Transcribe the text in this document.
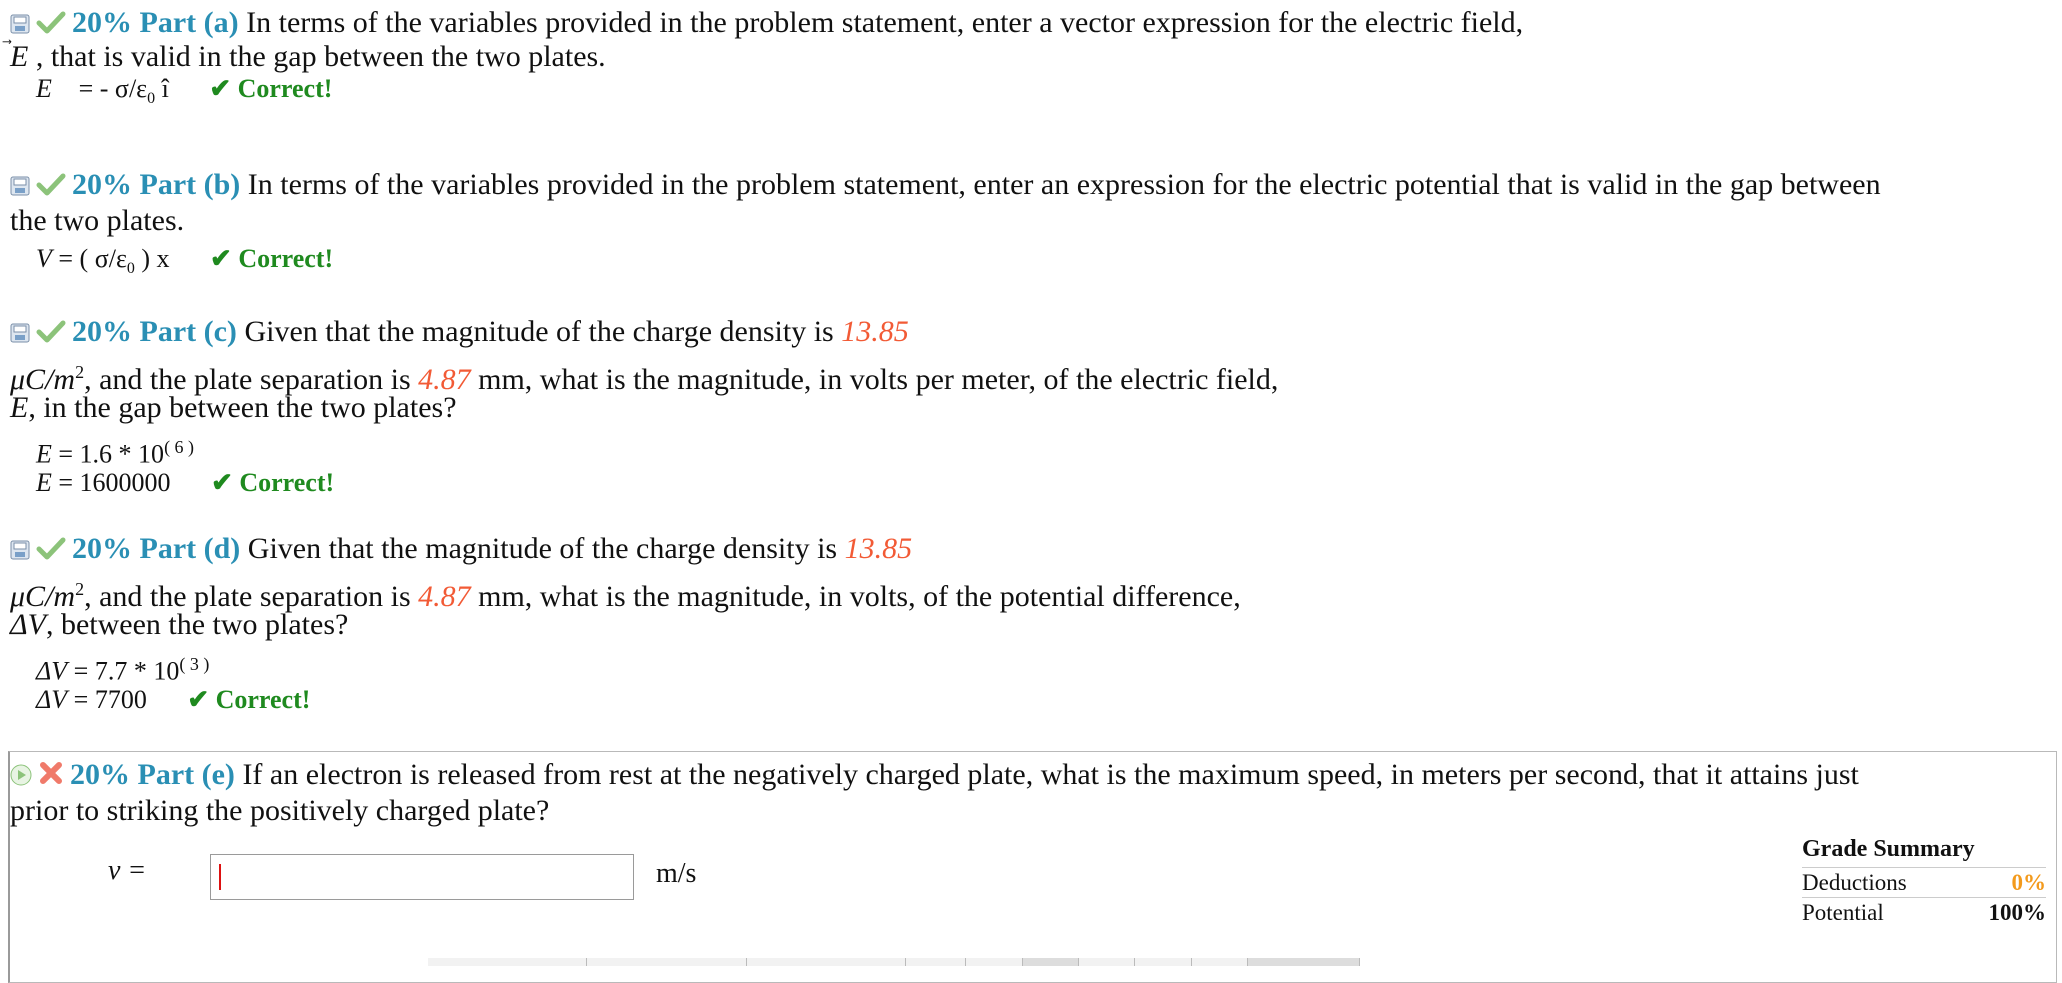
20% Part (a) In terms of the variables provided in the problem statement, enter a vector expression for the electric field,
E , that is valid in the gap between the two plates.
E⃗ = - $\sigma/\varepsilon_0$ î ✔ Correct!
20% Part (b) In terms of the variables provided in the problem statement, enter an expression for the electric potential that is valid in the gap between
the two plates.
V = ( $\sigma/\varepsilon_0$ ) x ✔ Correct!
20% Part (c) Given that the magnitude of the charge density is 13.85
$\mu C/m^2$, and the plate separation is 4.87 mm, what is the magnitude, in volts per meter, of the electric field,
E, in the gap between the two plates?
$E = 1.6 * 10^{( 6 )}$
E = 1600000 ✔ Correct!
20% Part (d) Given that the magnitude of the charge density is 13.85
$\mu C/m^2$, and the plate separation is 4.87 mm, what is the magnitude, in volts, of the potential difference,
ΔV, between the two plates?
$\Delta V = 7.7 * 10^{( 3 )}$
ΔV = 7700 ✔ Correct!
20% Part (e) If an electron is released from rest at the negatively charged plate, what is the maximum speed, in meters per second, that it attains just
prior to striking the positively charged plate?
v =	m/s
Grade Summary
Deductions	0%
Potential	100%
